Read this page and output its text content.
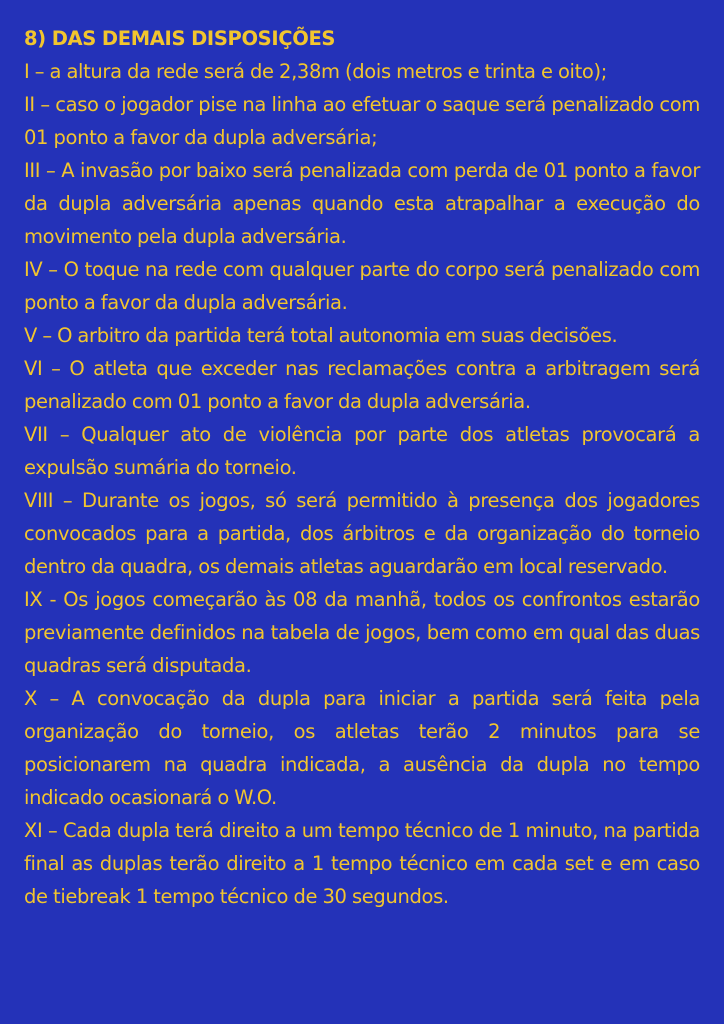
8) DAS DEMAIS DISPOSIÇÕES

I – a altura da rede será de 2,38m (dois metros e trinta e oito);

II – caso o jogador pise na linha ao efetuar o saque será penalizado com 01 ponto a favor da dupla adversária;

III – A invasão por baixo será penalizada com perda de 01 ponto a favor da dupla adversária apenas quando esta atrapalhar a execução do movimento pela dupla adversária.

IV – O toque na rede com qualquer parte do corpo será penalizado com ponto a favor da dupla adversária.

V – O arbitro da partida terá total autonomia em suas decisões.

VI – O atleta que exceder nas reclamações contra a arbitragem será penalizado com 01 ponto a favor da dupla adversária.

VII – Qualquer ato de violência por parte dos atletas provocará a expulsão sumária do torneio.

VIII – Durante os jogos, só será permitido à presença dos jogadores convocados para a partida, dos árbitros e da organização do torneio dentro da quadra, os demais atletas aguardarão em local reservado.

IX - Os jogos começarão às 08 da manhã, todos os confrontos estarão previamente definidos na tabela de jogos, bem como em qual das duas quadras será disputada.

X – A convocação da dupla para iniciar a partida será feita pela organização do torneio, os atletas terão 2 minutos para se posicionarem na quadra indicada, a ausência da dupla no tempo indicado ocasionará o W.O.

XI – Cada dupla terá direito a um tempo técnico de 1 minuto, na partida final as duplas terão direito a 1 tempo técnico em cada set e em caso de tiebreak 1 tempo técnico de 30 segundos.
